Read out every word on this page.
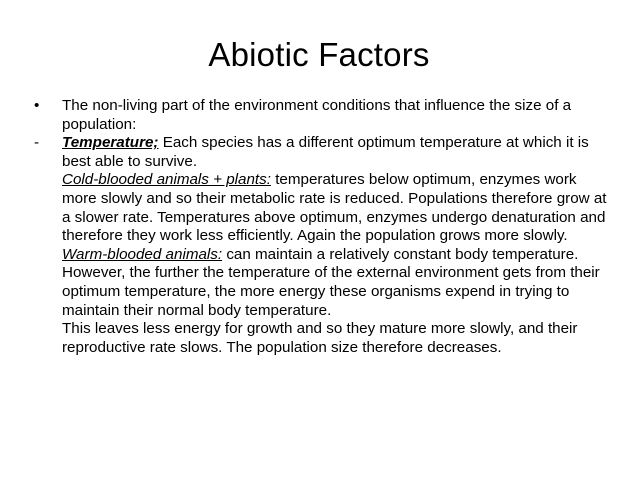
Abiotic Factors
•	The non-living part of the environment conditions that influence the size of a population:
-	Temperature; Each species has a different optimum temperature at which it is best able to survive.
Cold-blooded animals + plants: temperatures below optimum, enzymes work more slowly and so their metabolic rate is reduced. Populations therefore grow at a slower rate. Temperatures above optimum, enzymes undergo denaturation and therefore they work less efficiently. Again the population grows more slowly.
Warm-blooded animals: can maintain a relatively constant body temperature. However, the further the temperature of the external environment gets from their optimum temperature, the more energy these organisms expend in trying to maintain their normal body temperature.
This leaves less energy for growth and so they mature more slowly, and their reproductive rate slows. The population size therefore decreases.
